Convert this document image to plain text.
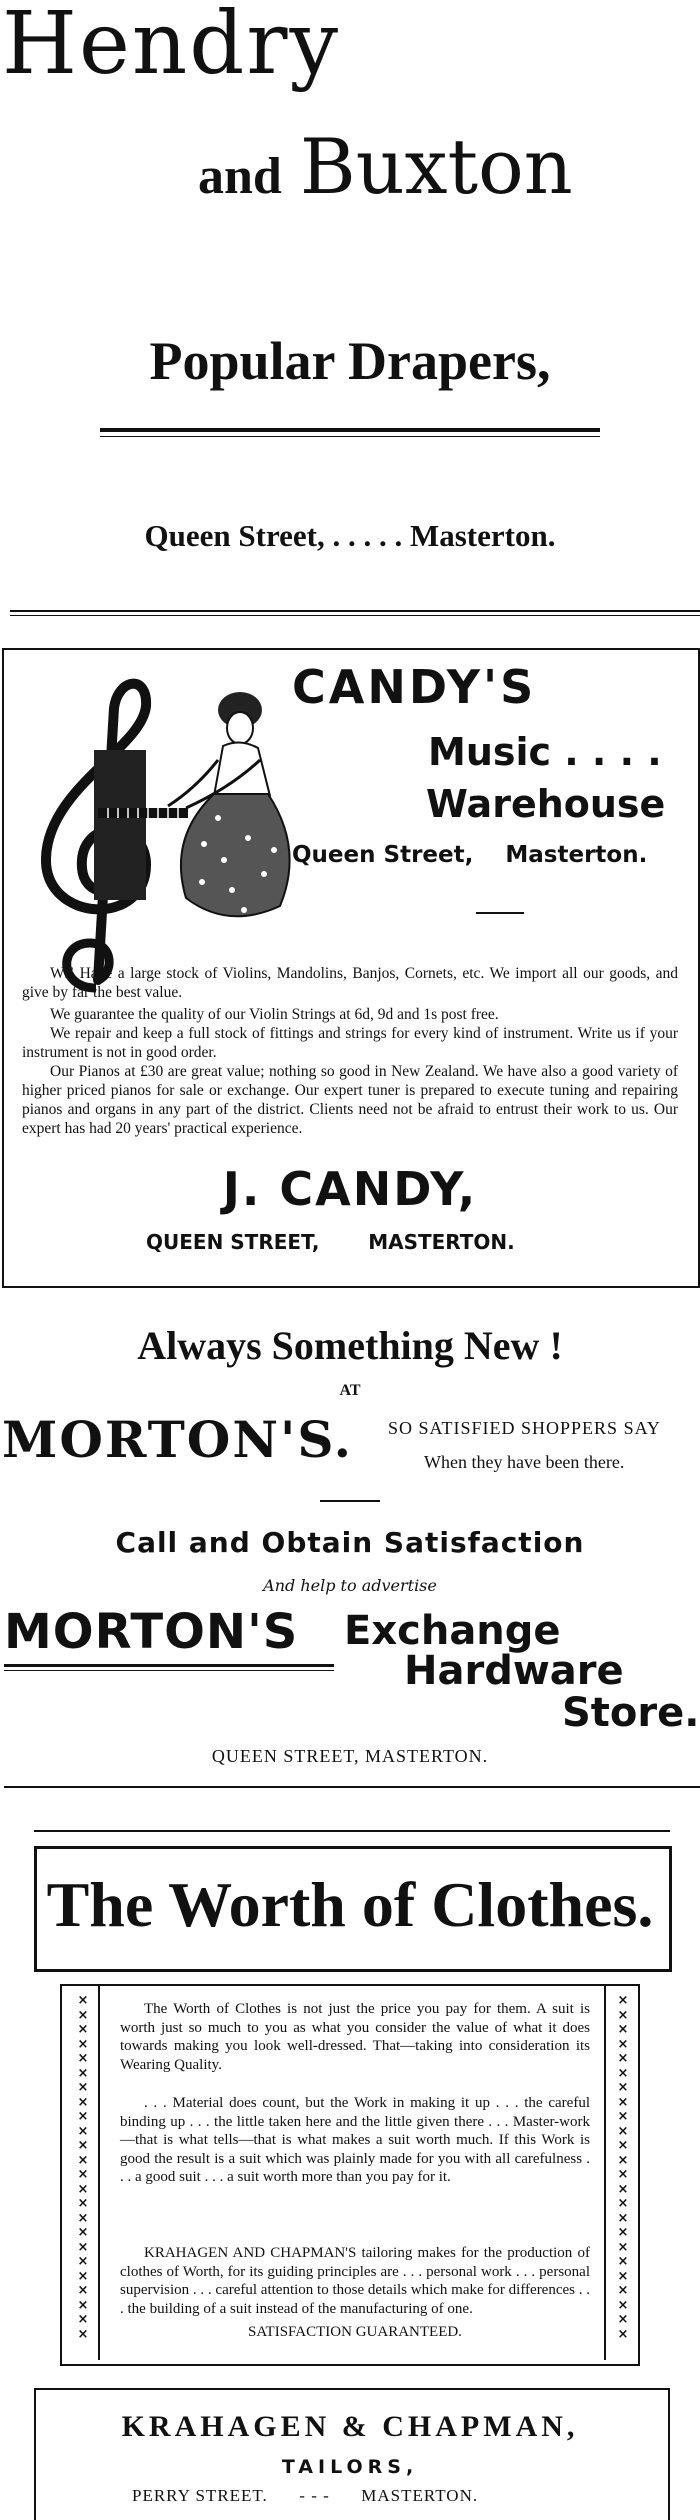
Hendry
and Buxton
Popular Drapers,
Queen Street, . . . . . Masterton.
CANDY'S
Music . . . .
Warehouse
Queen Street, Masterton.
WE Have a large stock of Violins, Mandolins, Banjos, Cornets, etc. We import all our goods, and give by far the best value.
We guarantee the quality of our Violin Strings at 6d, 9d and 1s post free.
We repair and keep a full stock of fittings and strings for every kind of instrument. Write us if your instrument is not in good order.
Our Pianos at £30 are great value; nothing so good in New Zealand. We have also a good variety of higher priced pianos for sale or exchange. Our expert tuner is prepared to execute tuning and repairing pianos and organs in any part of the district. Clients need not be afraid to entrust their work to us. Our expert has had 20 years' practical experience.
J. CANDY,
QUEEN STREET, MASTERTON.
Always Something New !
AT
MORTON'S. SO SATISFIED SHOPPERS SAY
When they have been there.
Call and Obtain Satisfaction
And help to advertise
MORTON'S Exchange
Hardware
Store.
QUEEN STREET, MASTERTON.
The Worth of Clothes.
×
×
×
×
×
×
×
×
×
×
×
×
×
×
×
×
×
×
×
×
×
×
×
×
×
×
×
×
×
×
×
×
×
×
×
×
×
×
×
×
×
×
×
×
×
×
×
×
The Worth of Clothes is not just the price you pay for them. A suit is worth just so much to you as what you consider the value of what it does towards making you look well-dressed. That—taking into consideration its Wearing Quality.
. . . Material does count, but the Work in making it up . . . the careful binding up . . . the little taken here and the little given there . . . Master-work—that is what tells—that is what makes a suit worth much. If this Work is good the result is a suit which was plainly made for you with all carefulness . . . a good suit . . . a suit worth more than you pay for it.
KRAHAGEN AND CHAPMAN'S tailoring makes for the production of clothes of Worth, for its guiding principles are . . . personal work . . . personal supervision . . . careful attention to those details which make for differences . . . the building of a suit instead of the manufacturing of one.
SATISFACTION GUARANTEED.
KRAHAGEN & CHAPMAN,
TAILORS,
PERRY STREET. - - - MASTERTON.
